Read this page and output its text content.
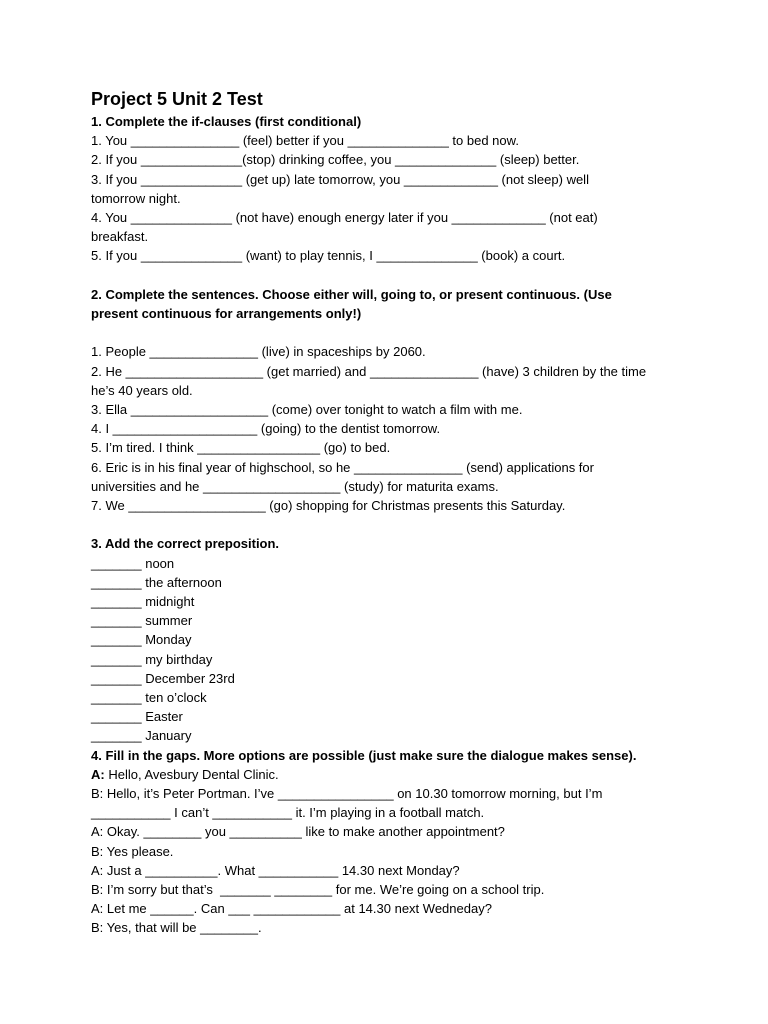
Project 5 Unit 2 Test

1. Complete the if-clauses (first conditional)

1. You _______________ (feel) better if you ______________ to bed now.

2. If you ______________(stop) drinking coffee, you ______________ (sleep) better.

3. If you ______________ (get up) late tomorrow, you _____________ (not sleep) well

tomorrow night.

4. You ______________ (not have) enough energy later if you _____________ (not eat)

breakfast.

5. If you ______________ (want) to play tennis, I ______________ (book) a court.

2. Complete the sentences. Choose either will, going to, or present continuous. (Use

present continuous for arrangements only!)

1. People _______________ (live) in spaceships by 2060.

2. He ___________________ (get married) and _______________ (have) 3 children by the time

he’s 40 years old.

3. Ella ___________________ (come) over tonight to watch a film with me.

4. I ____________________ (going) to the dentist tomorrow.

5. I’m tired. I think _________________ (go) to bed.

6. Eric is in his final year of highschool, so he _______________ (send) applications for

universities and he ___________________ (study) for maturita exams.

7. We ___________________ (go) shopping for Christmas presents this Saturday.

3. Add the correct preposition.

_______ noon

_______ the afternoon

_______ midnight

_______ summer

_______ Monday

_______ my birthday

_______ December 23rd

_______ ten o’clock

_______ Easter

_______ January

4. Fill in the gaps. More options are possible (just make sure the dialogue makes sense).

A: Hello, Avesbury Dental Clinic.

B: Hello, it’s Peter Portman. I’ve ________________ on 10.30 tomorrow morning, but I’m

___________ I can’t ___________ it. I’m playing in a football match.

A: Okay. ________ you __________ like to make another appointment?

B: Yes please.

A: Just a __________. What ___________ 14.30 next Monday?

B: I’m sorry but that’s  _______ ________ for me. We’re going on a school trip.

A: Let me ______. Can ___ ____________ at 14.30 next Wedneday?

B: Yes, that will be ________.
